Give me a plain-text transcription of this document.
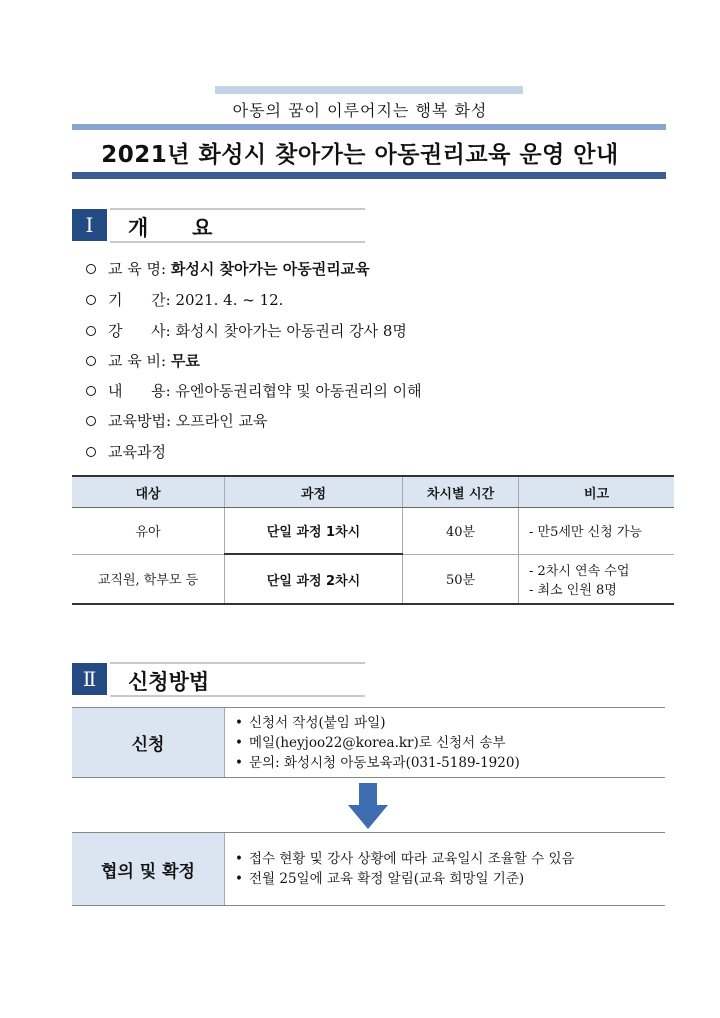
아동의 꿈이 이루어지는 행복 화성
2021년 화성시 찾아가는 아동권리교육 운영 안내
Ⅰ	개      요
교 육 명:
화성시 찾아가는 아동권리교육
기      간:
2021. 4. ~ 12.
강      사:
화성시 찾아가는 아동권리 강사 8명
교 육 비:
무료
내      용:
유엔아동권리협약 및 아동권리의 이해
교육방법:
오프라인 교육
교육과정
대상	과정	차시별 시간	비고
유아	단일 과정 1차시	40분	- 만5세만 신청 가능

교직원, 학부모 등	단일 과정 2차시	50분	- 2차시 연속 수업
- 최소 인원 8명
Ⅱ	신청방법
신청
• 신청서 작성(붙임 파일)
• 메일(heyjoo22@korea.kr)로 신청서 송부
• 문의: 화성시청 아동보육과(031-5189-1920)
협의 및 확정
• 접수 현황 및 강사 상황에 따라 교육일시 조율할 수 있음
• 전월 25일에 교육 확정 알림(교육 희망일 기준)
